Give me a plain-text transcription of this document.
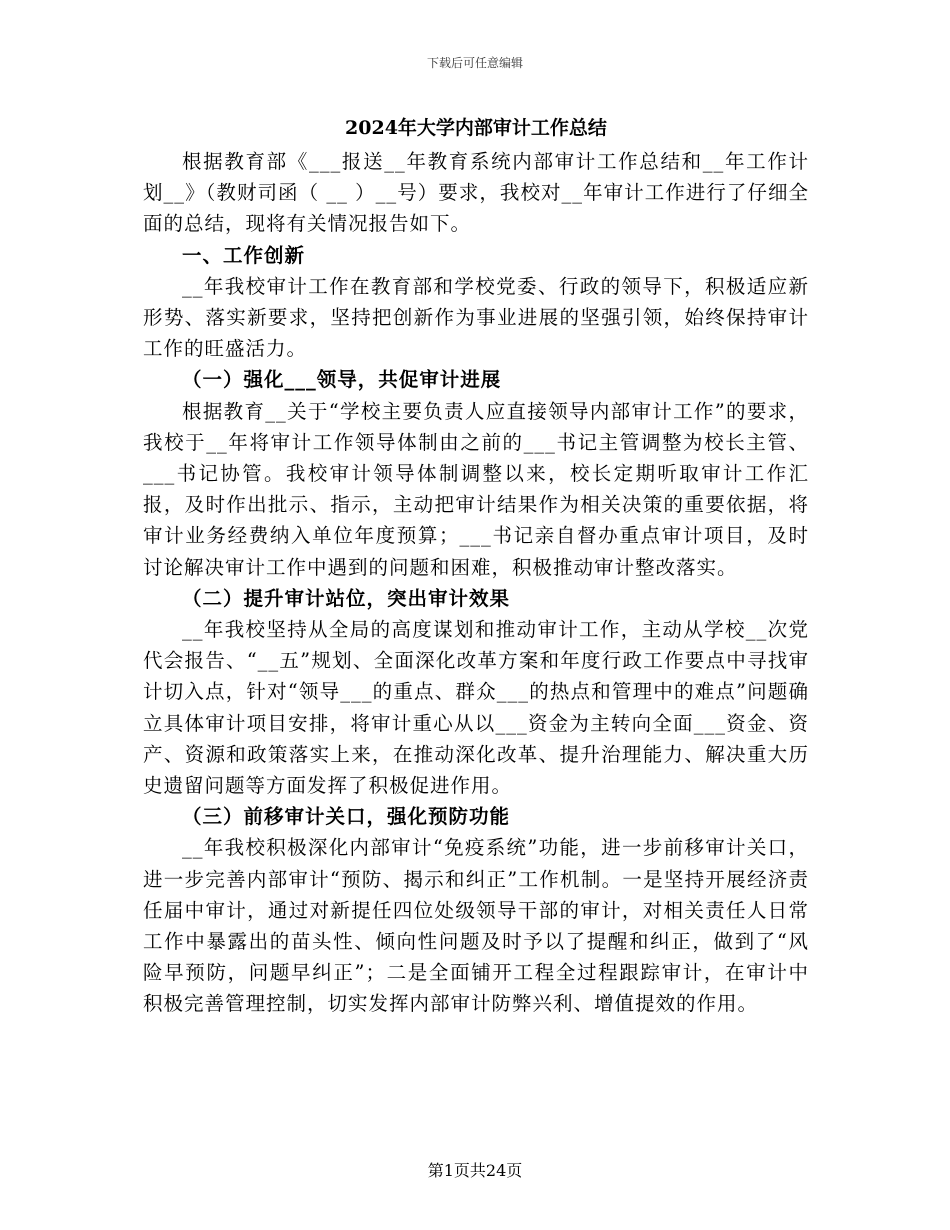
下载后可任意编辑
2024年大学内部审计工作总结

根据教育部《___报送__年教育系统内部审计工作总结和__年工作计划__》（教财司函（ __ ）__号）要求，我校对__年审计工作进行了仔细全面的总结，现将有关情况报告如下。

一、工作创新

__年我校审计工作在教育部和学校党委、行政的领导下，积极适应新形势、落实新要求，坚持把创新作为事业进展的坚强引领，始终保持审计工作的旺盛活力。

（一）强化___领导，共促审计进展

根据教育__关于“学校主要负责人应直接领导内部审计工作”的要求，我校于__年将审计工作领导体制由之前的___书记主管调整为校长主管、___书记协管。我校审计领导体制调整以来，校长定期听取审计工作汇报，及时作出批示、指示，主动把审计结果作为相关决策的重要依据，将审计业务经费纳入单位年度预算；___书记亲自督办重点审计项目，及时讨论解决审计工作中遇到的问题和困难，积极推动审计整改落实。

（二）提升审计站位，突出审计效果

__年我校坚持从全局的高度谋划和推动审计工作，主动从学校__次党代会报告、“__五”规划、全面深化改革方案和年度行政工作要点中寻找审计切入点，针对“领导___的重点、群众___的热点和管理中的难点”问题确立具体审计项目安排，将审计重心从以___资金为主转向全面___资金、资产、资源和政策落实上来，在推动深化改革、提升治理能力、解决重大历史遗留问题等方面发挥了积极促进作用。

（三）前移审计关口，强化预防功能

__年我校积极深化内部审计“免疫系统”功能，进一步前移审计关口，进一步完善内部审计“预防、揭示和纠正”工作机制。一是坚持开展经济责任届中审计，通过对新提任四位处级领导干部的审计，对相关责任人日常工作中暴露出的苗头性、倾向性问题及时予以了提醒和纠正，做到了“风险早预防，问题早纠正”；二是全面铺开工程全过程跟踪审计，在审计中积极完善管理控制，切实发挥内部审计防弊兴利、增值提效的作用。

第1页共24页
